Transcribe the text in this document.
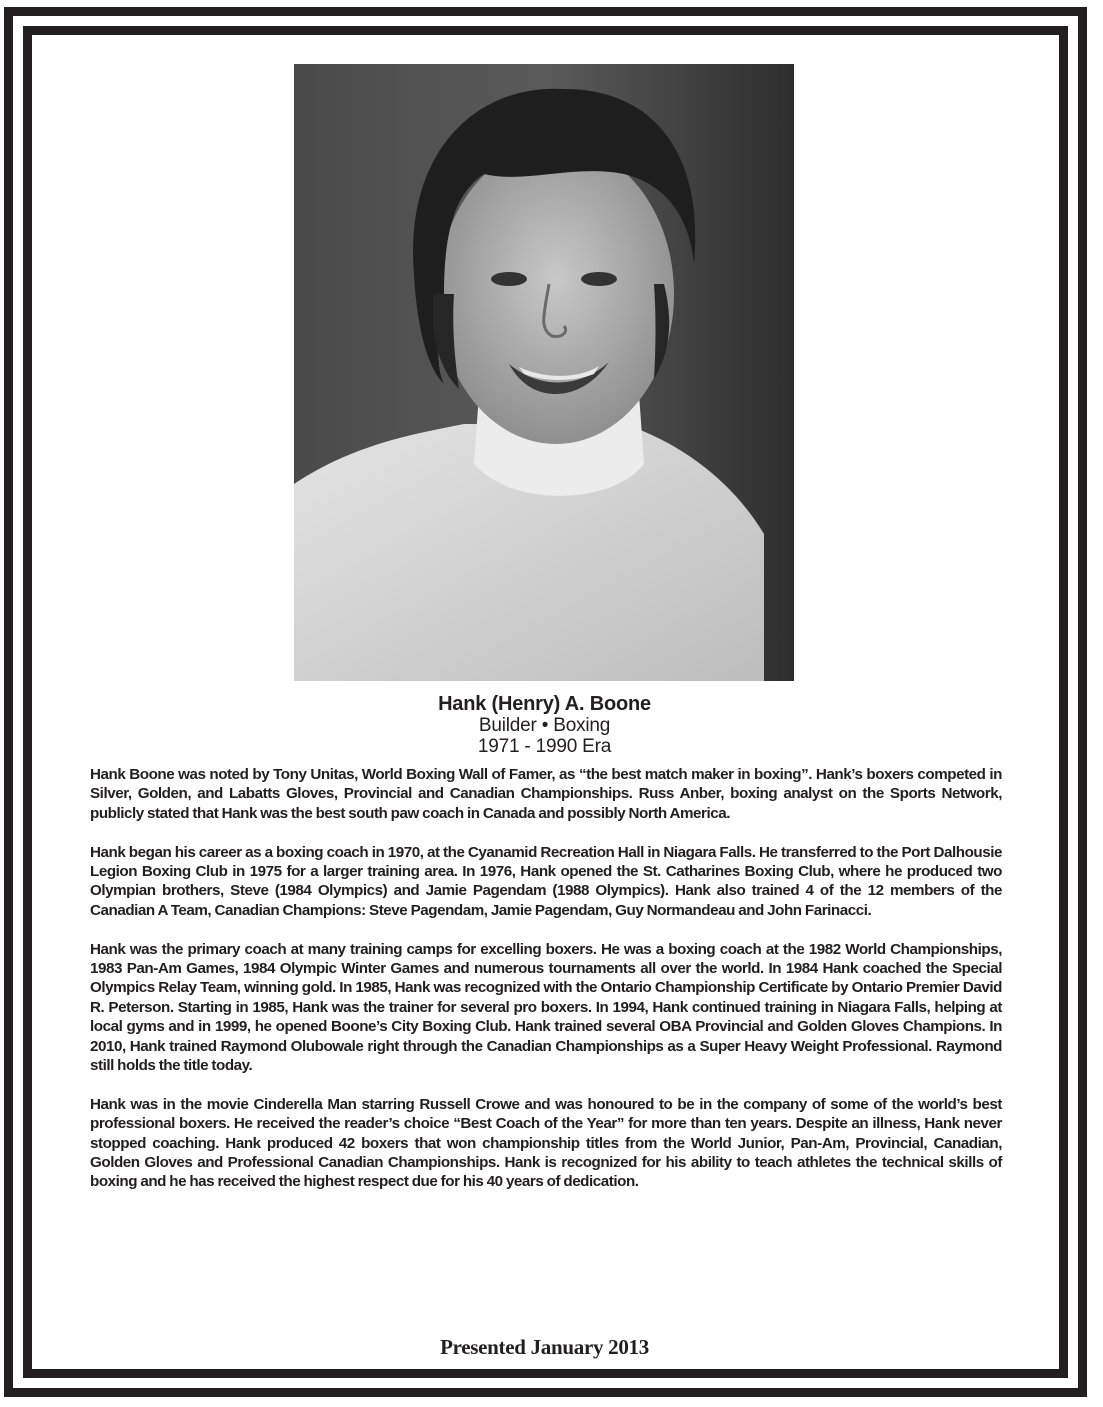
Hank (Henry) A. Boone
Builder • Boxing
1971 - 1990 Era

Hank Boone was noted by Tony Unitas, World Boxing Wall of Famer, as “the best match maker in boxing”. Hank’s boxers competed in Silver, Golden, and Labatts Gloves, Provincial and Canadian Championships. Russ Anber, boxing analyst on the Sports Network, publicly stated that Hank was the best south paw coach in Canada and possibly North America.

Hank began his career as a boxing coach in 1970, at the Cyanamid Recreation Hall in Niagara Falls. He transferred to the Port Dalhousie Legion Boxing Club in 1975 for a larger training area. In 1976, Hank opened the St. Catharines Boxing Club, where he produced two Olympian brothers, Steve (1984 Olympics) and Jamie Pagendam (1988 Olympics). Hank also trained 4 of the 12 members of the Canadian A Team, Canadian Champions: Steve Pagendam, Jamie Pagendam, Guy Normandeau and John Farinacci.

Hank was the primary coach at many training camps for excelling boxers. He was a boxing coach at the 1982 World Championships, 1983 Pan-Am Games, 1984 Olympic Winter Games and numerous tournaments all over the world. In 1984 Hank coached the Special Olympics Relay Team, winning gold. In 1985, Hank was recognized with the Ontario Championship Certificate by Ontario Premier David R. Peterson. Starting in 1985, Hank was the trainer for several pro boxers. In 1994, Hank continued training in Niagara Falls, helping at local gyms and in 1999, he opened Boone’s City Boxing Club. Hank trained several OBA Provincial and Golden Gloves Champions. In 2010, Hank trained Raymond Olubowale right through the Canadian Championships as a Super Heavy Weight Professional. Raymond still holds the title today.

Hank was in the movie Cinderella Man starring Russell Crowe and was honoured to be in the company of some of the world’s best professional boxers. He received the reader’s choice “Best Coach of the Year” for more than ten years. Despite an illness, Hank never stopped coaching. Hank produced 42 boxers that won championship titles from the World Junior, Pan-Am, Provincial, Canadian, Golden Gloves and Professional Canadian Championships. Hank is recognized for his ability to teach athletes the technical skills of boxing and he has received the highest respect due for his 40 years of dedication.

Presented January 2013
